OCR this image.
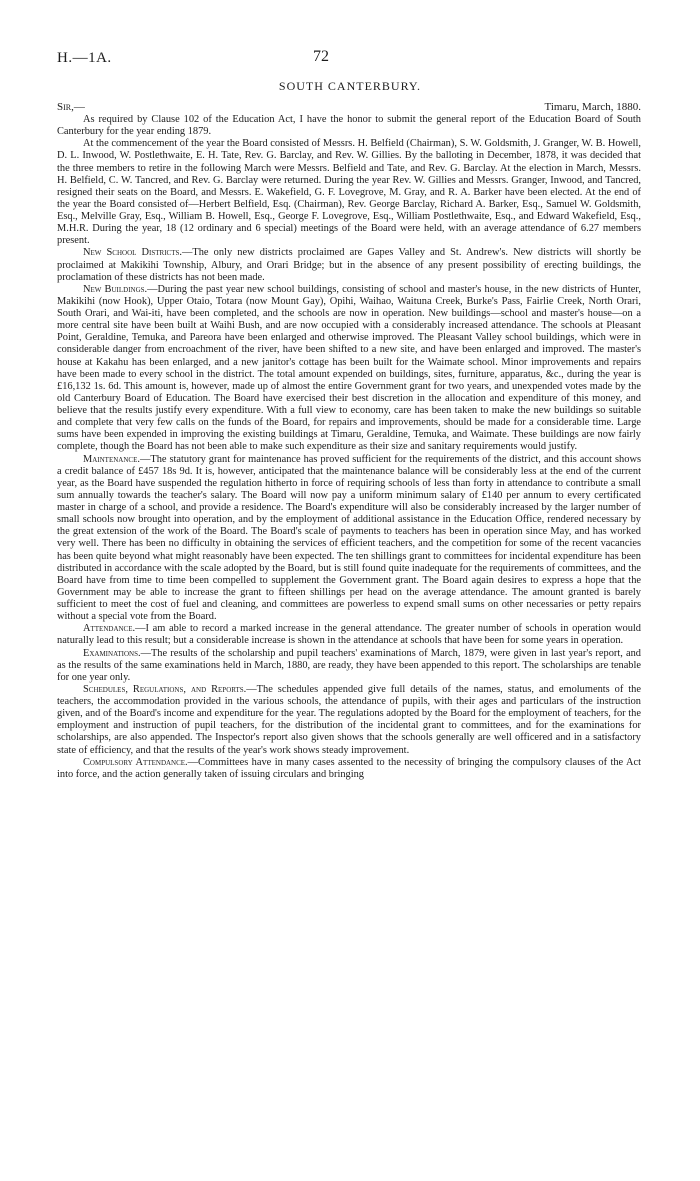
H.—1A.	72
SOUTH CANTERBURY.
Sir,—	Timaru, March, 1880.

As required by Clause 102 of the Education Act, I have the honor to submit the general report of the Education Board of South Canterbury for the year ending 1879.

At the commencement of the year the Board consisted of Messrs. H. Belfield (Chairman), S. W. Goldsmith, J. Granger, W. B. Howell, D. L. Inwood, W. Postlethwaite, E. H. Tate, Rev. G. Barclay, and Rev. W. Gillies. By the balloting in December, 1878, it was decided that the three members to retire in the following March were Messrs. Belfield and Tate, and Rev. G. Barclay. At the election in March, Messrs. H. Belfield, C. W. Tancred, and Rev. G. Barclay were returned. During the year Rev. W. Gillies and Messrs. Granger, Inwood, and Tancred, resigned their seats on the Board, and Messrs. E. Wakefield, G. F. Lovegrove, M. Gray, and R. A. Barker have been elected. At the end of the year the Board consisted of—Herbert Belfield, Esq. (Chairman), Rev. George Barclay, Richard A. Barker, Esq., Samuel W. Goldsmith, Esq., Melville Gray, Esq., William B. Howell, Esq., George F. Lovegrove, Esq., William Postlethwaite, Esq., and Edward Wakefield, Esq., M.H.R. During the year, 18 (12 ordinary and 6 special) meetings of the Board were held, with an average attendance of 6.27 members present.

New School Districts.—The only new districts proclaimed are Gapes Valley and St. Andrew's. New districts will shortly be proclaimed at Makikihi Township, Albury, and Orari Bridge; but in the absence of any present possibility of erecting buildings, the proclamation of these districts has not been made.

New Buildings.—During the past year new school buildings, consisting of school and master's house, in the new districts of Hunter, Makikihi (now Hook), Upper Otaio, Totara (now Mount Gay), Opihi, Waihao, Waituna Creek, Burke's Pass, Fairlie Creek, North Orari, South Orari, and Wai-iti, have been completed, and the schools are now in operation. New buildings—school and master's house—on a more central site have been built at Waihi Bush, and are now occupied with a considerably increased attendance. The schools at Pleasant Point, Geraldine, Temuka, and Pareora have been enlarged and otherwise improved. The Pleasant Valley school buildings, which were in considerable danger from encroachment of the river, have been shifted to a new site, and have been enlarged and improved. The master's house at Kakahu has been enlarged, and a new janitor's cottage has been built for the Waimate school. Minor improvements and repairs have been made to every school in the district. The total amount expended on buildings, sites, furniture, apparatus, &c., during the year is £16,132 1s. 6d. This amount is, however, made up of almost the entire Government grant for two years, and unexpended votes made by the old Canterbury Board of Education. The Board have exercised their best discretion in the allocation and expenditure of this money, and believe that the results justify every expenditure. With a full view to economy, care has been taken to make the new buildings so suitable and complete that very few calls on the funds of the Board, for repairs and improvements, should be made for a considerable time. Large sums have been expended in improving the existing buildings at Timaru, Geraldine, Temuka, and Waimate. These buildings are now fairly complete, though the Board has not been able to make such expenditure as their size and sanitary requirements would justify.

Maintenance.—The statutory grant for maintenance has proved sufficient for the requirements of the district, and this account shows a credit balance of £457 18s 9d. It is, however, anticipated that the maintenance balance will be considerably less at the end of the current year, as the Board have suspended the regulation hitherto in force of requiring schools of less than forty in attendance to contribute a small sum annually towards the teacher's salary. The Board will now pay a uniform minimum salary of £140 per annum to every certificated master in charge of a school, and provide a residence. The Board's expenditure will also be considerably increased by the larger number of small schools now brought into operation, and by the employment of additional assistance in the Education Office, rendered necessary by the great extension of the work of the Board. The Board's scale of payments to teachers has been in operation since May, and has worked very well. There has been no difficulty in obtaining the services of efficient teachers, and the competition for some of the recent vacancies has been quite beyond what might reasonably have been expected. The ten shillings grant to committees for incidental expenditure has been distributed in accordance with the scale adopted by the Board, but is still found quite inadequate for the requirements of committees, and the Board have from time to time been compelled to supplement the Government grant. The Board again desires to express a hope that the Government may be able to increase the grant to fifteen shillings per head on the average attendance. The amount granted is barely sufficient to meet the cost of fuel and cleaning, and committees are powerless to expend small sums on other necessaries or petty repairs without a special vote from the Board.

Attendance.—I am able to record a marked increase in the general attendance. The greater number of schools in operation would naturally lead to this result; but a considerable increase is shown in the attendance at schools that have been for some years in operation.

Examinations.—The results of the scholarship and pupil teachers' examinations of March, 1879, were given in last year's report, and as the results of the same examinations held in March, 1880, are ready, they have been appended to this report. The scholarships are tenable for one year only.

Schedules, Regulations, and Reports.—The schedules appended give full details of the names, status, and emoluments of the teachers, the accommodation provided in the various schools, the attendance of pupils, with their ages and particulars of the instruction given, and of the Board's income and expenditure for the year. The regulations adopted by the Board for the employment of teachers, for the employment and instruction of pupil teachers, for the distribution of the incidental grant to committees, and for the examinations for scholarships, are also appended. The Inspector's report also given shows that the schools generally are well officered and in a satisfactory state of efficiency, and that the results of the year's work shows steady improvement.

Compulsory Attendance.—Committees have in many cases assented to the necessity of bringing the compulsory clauses of the Act into force, and the action generally taken of issuing circulars and bringing
